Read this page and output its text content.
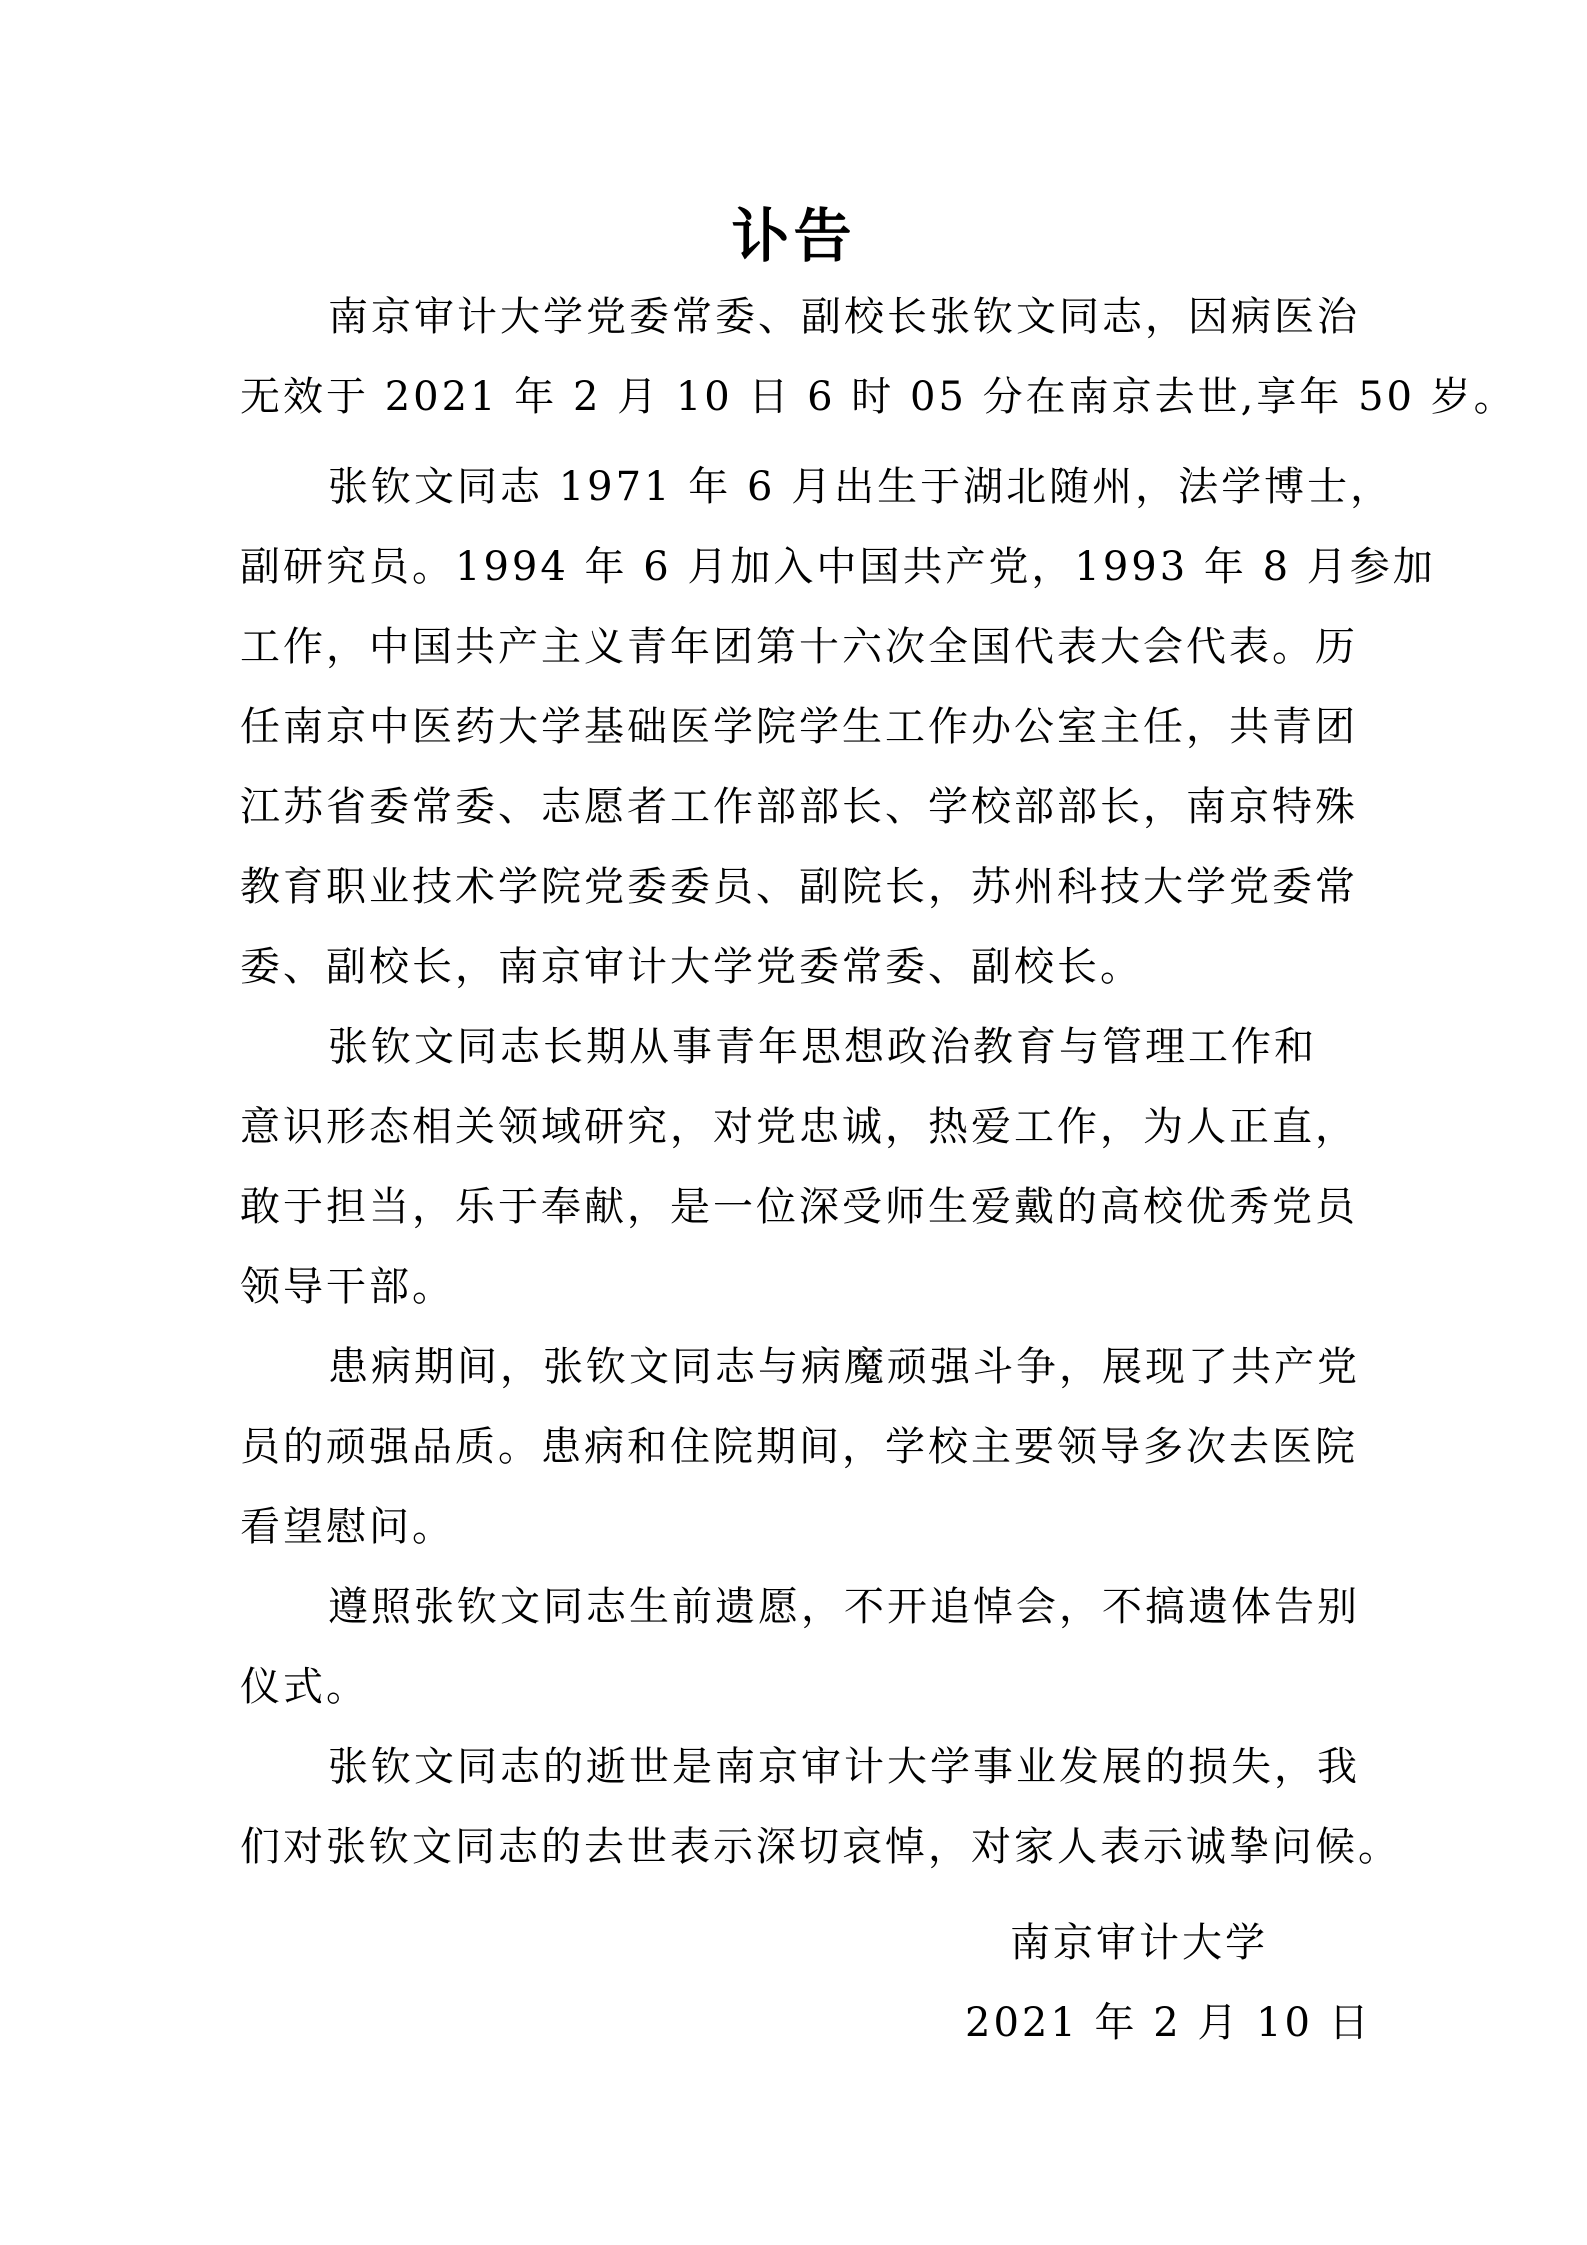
讣告
南京审计大学党委常委、副校长张钦文同志，因病医治
无效于 2021 年 2 月 10 日 6 时 05 分在南京去世,享年 50 岁。
张钦文同志 1971 年 6 月出生于湖北随州，法学博士，
副研究员。1994 年 6 月加入中国共产党，1993 年 8 月参加
工作，中国共产主义青年团第十六次全国代表大会代表。历
任南京中医药大学基础医学院学生工作办公室主任，共青团
江苏省委常委、志愿者工作部部长、学校部部长，南京特殊
教育职业技术学院党委委员、副院长，苏州科技大学党委常
委、副校长，南京审计大学党委常委、副校长。
张钦文同志长期从事青年思想政治教育与管理工作和
意识形态相关领域研究，对党忠诚，热爱工作，为人正直，
敢于担当，乐于奉献，是一位深受师生爱戴的高校优秀党员
领导干部。
患病期间，张钦文同志与病魔顽强斗争，展现了共产党
员的顽强品质。患病和住院期间，学校主要领导多次去医院
看望慰问。
遵照张钦文同志生前遗愿，不开追悼会，不搞遗体告别
仪式。
张钦文同志的逝世是南京审计大学事业发展的损失，我
们对张钦文同志的去世表示深切哀悼，对家人表示诚挚问候。
南京审计大学
2021 年 2 月 10 日
